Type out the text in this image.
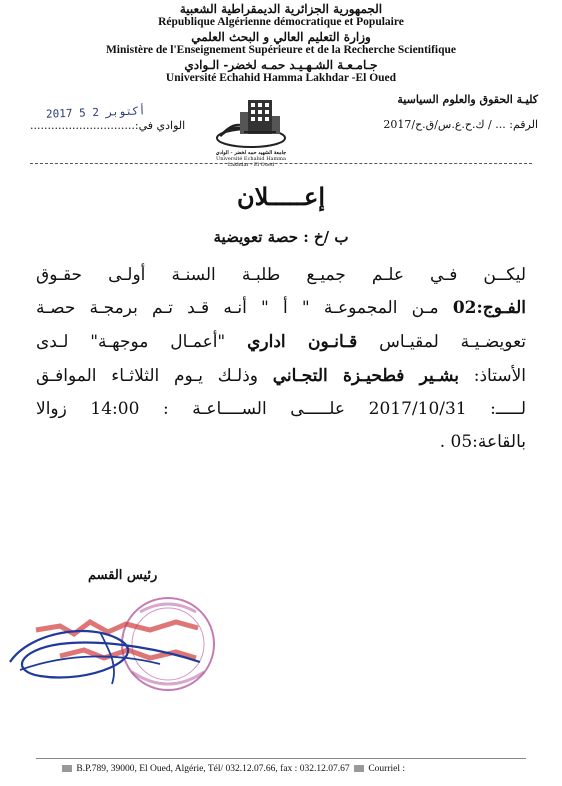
الجمهورية الجزائرية الديمقراطية الشعبية
République Algérienne démocratique et Populaire
وزارة التعليم العالي و البحث العلمي
Ministère de l'Enseignement Supérieure et de la Recherche Scientifique
جـامـعـة الشـهـيـد حمـه لخضر- الـوادي
Université Echahid Hamma Lakhdar -El Oued
كليـة الحقوق والعلوم السياسية
الرقم: ... / ك.ح.ع.س/ق.ح/2017
2017 أكتوبر 2 5
الوادي في:..............................
جامعة الشهيد حمه لخضر - الوادي
Université Echahid Hamma Lakhdar - El Oued
إعـــــلان
ب /خ : حصة تعويضية
ليكــن فـي علـم جميـع طلبـة السنـة أولـى حقـوق
الفـوج:02 مـن المجموعـة " أ " أنـه قـد تـم برمجـة حصـة
تعويضـيـة لمقيـاس قـانـون اداري "أعمـال موجهـة" لـدى
الأستاذ: بشـير فطحيـزة التجـاني وذلـك يـوم الثلاثـاء الموافـق
لـــــ: 2017/10/31 علـــــى الســــاعـة : 14:00 زوالا
بالقاعة:05 .
رئيس القسم
B.P.789, 39000, El Oued, Algérie, Tél/ 032.12.07.66, fax : 032.12.07.67 Courriel :
